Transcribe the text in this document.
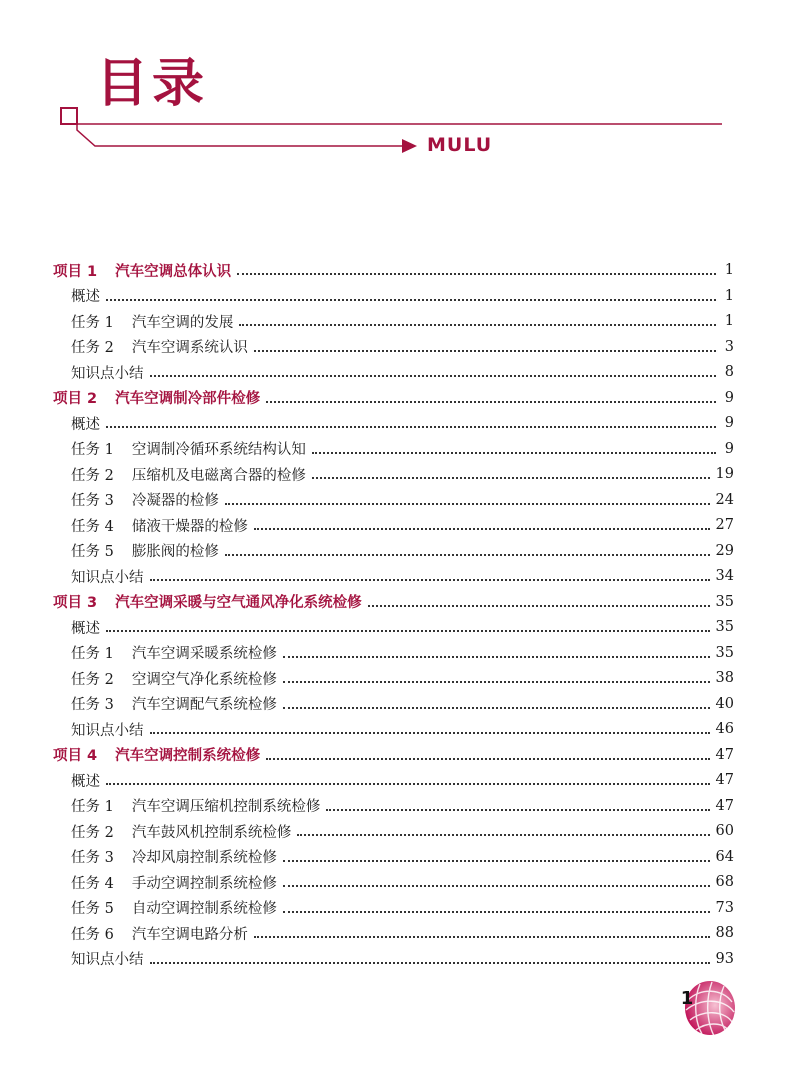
目录
MULU
项目 1 汽车空调总体认识	1
概述	1
任务 1 汽车空调的发展	1
任务 2 汽车空调系统认识	3
知识点小结	8
项目 2 汽车空调制冷部件检修	9
概述	9
任务 1 空调制冷循环系统结构认知	9
任务 2 压缩机及电磁离合器的检修	19
任务 3 冷凝器的检修	24
任务 4 储液干燥器的检修	27
任务 5 膨胀阀的检修	29
知识点小结	34
项目 3 汽车空调采暖与空气通风净化系统检修	35
概述	35
任务 1 汽车空调采暖系统检修	35
任务 2 空调空气净化系统检修	38
任务 3 汽车空调配气系统检修	40
知识点小结	46
项目 4 汽车空调控制系统检修	47
概述	47
任务 1 汽车空调压缩机控制系统检修	47
任务 2 汽车鼓风机控制系统检修	60
任务 3 冷却风扇控制系统检修	64
任务 4 手动空调控制系统检修	68
任务 5 自动空调控制系统检修	73
任务 6 汽车空调电路分析	88
知识点小结	93
1
